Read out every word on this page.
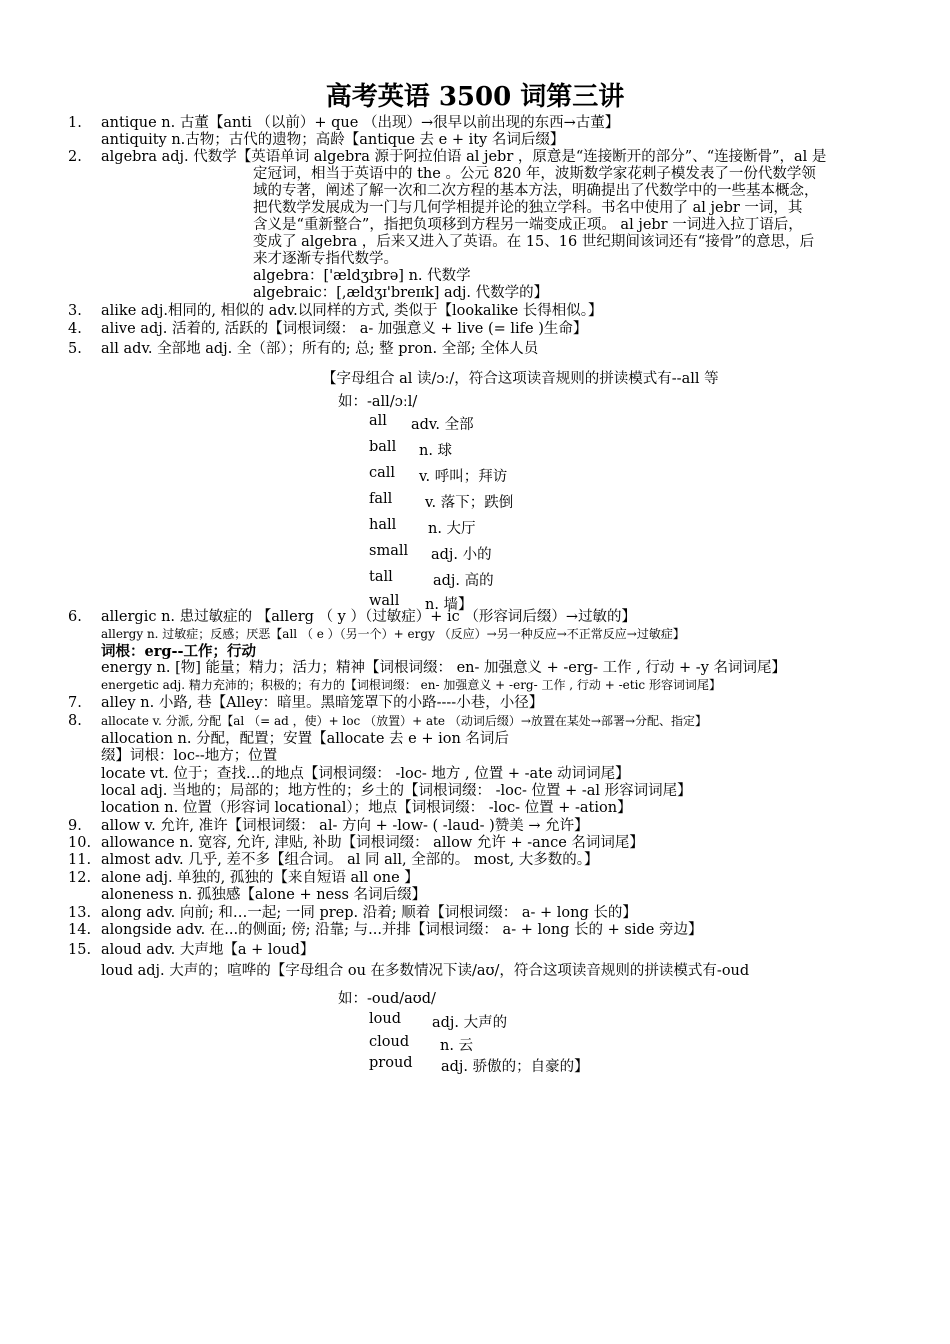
高考英语 3500 词第三讲
1. antique n. 古董【anti （以前）+ que （出现）→很早以前出现的东西→古董】
antiquity n.古物；古代的遗物；高龄【antique 去 e + ity 名词后缀】
2. algebra adj. 代数学【英语单词 algebra 源于阿拉伯语 al jebr ，原意是“连接断开的部分”、“连接断骨”，al 是
定冠词，相当于英语中的 the 。公元 820 年，波斯数学家花剌子模发表了一份代数学领
域的专著，阐述了解一次和二次方程的基本方法，明确提出了代数学中的一些基本概念，
把代数学发展成为一门与几何学相提并论的独立学科。书名中使用了 al jebr 一词，其
含义是“重新整合”，指把负项移到方程另一端变成正项。 al jebr 一词进入拉丁语后，
变成了 algebra ，后来又进入了英语。在 15、16 世纪期间该词还有“接骨”的意思，后
来才逐渐专指代数学。
algebra：['ældʒɪbrə] n. 代数学
algebraic：[,ældʒɪ'breɪɪk] adj. 代数学的】
3. alike adj.相同的, 相似的 adv.以同样的方式, 类似于【lookalike 长得相似。】
4. alive adj. 活着的, 活跃的【词根词缀： a- 加强意义 + live (= life )生命】
5. all adv. 全部地 adj. 全（部）；所有的; 总; 整 pron. 全部; 全体人员
【字母组合 al 读/ɔː/，符合这项读音规则的拼读模式有--all 等
如：-all/ɔːl/
all adv. 全部
ball n. 球
call v. 呼叫；拜访
fall v. 落下；跌倒
hall n. 大厅
small adj. 小的
tall	adj. 高的
wall n. 墙】
6. allergic n. 患过敏症的 【allerg （ y ）（过敏症）+ ic （形容词后缀）→过敏的】
allergy n. 过敏症；反感；厌恶【all （ e ）（另一个）+ ergy （反应）→另一种反应→不正常反应→过敏症】
词根：erg--工作；行动
energy n. [物] 能量；精力；活力；精神【词根词缀： en- 加强意义 + -erg- 工作 , 行动 + -y 名词词尾】
energetic adj. 精力充沛的；积极的；有力的【词根词缀： en- 加强意义 + -erg- 工作 , 行动 + -etic 形容词词尾】
7. alley n. 小路, 巷【Alley：暗里。黑暗笼罩下的小路----小巷，小径】
8. allocate v. 分派, 分配【al （= ad ，使）+ loc （放置）+ ate （动词后缀）→放置在某处→部署→分配、指定】
allocation n. 分配，配置；安置【allocate 去 e + ion 名词后
缀】词根：loc--地方；位置
locate vt. 位于；查找…的地点【词根词缀： -loc- 地方 , 位置 + -ate 动词词尾】
local adj. 当地的；局部的；地方性的；乡土的【词根词缀： -loc- 位置 + -al 形容词词尾】
location n. 位置（形容词 locational）；地点【词根词缀： -loc- 位置 + -ation】
9. allow v. 允许, 准许【词根词缀： al- 方向 + -low- ( -laud- )赞美 → 允许】
10. allowance n. 宽容, 允许, 津贴, 补助【词根词缀： allow 允许 + -ance 名词词尾】
11. almost adv. 几乎, 差不多【组合词。 al 同 all, 全部的。 most, 大多数的。】
12. alone adj. 单独的, 孤独的【来自短语 all one 】
aloneness n. 孤独感【alone + ness 名词后缀】
13. along adv. 向前; 和…一起; 一同 prep. 沿着; 顺着【词根词缀： a- + long 长的】
14. alongside adv. 在...的侧面; 傍; 沿靠; 与...并排【词根词缀： a- + long 长的 + side 旁边】
15. aloud adv. 大声地【a + loud】
loud adj. 大声的；喧哗的【字母组合 ou 在多数情况下读/aʊ/，符合这项读音规则的拼读模式有-oud
如：-oud/aʊd/
loud adj. 大声的
cloud n. 云
proud adj. 骄傲的；自豪的】
